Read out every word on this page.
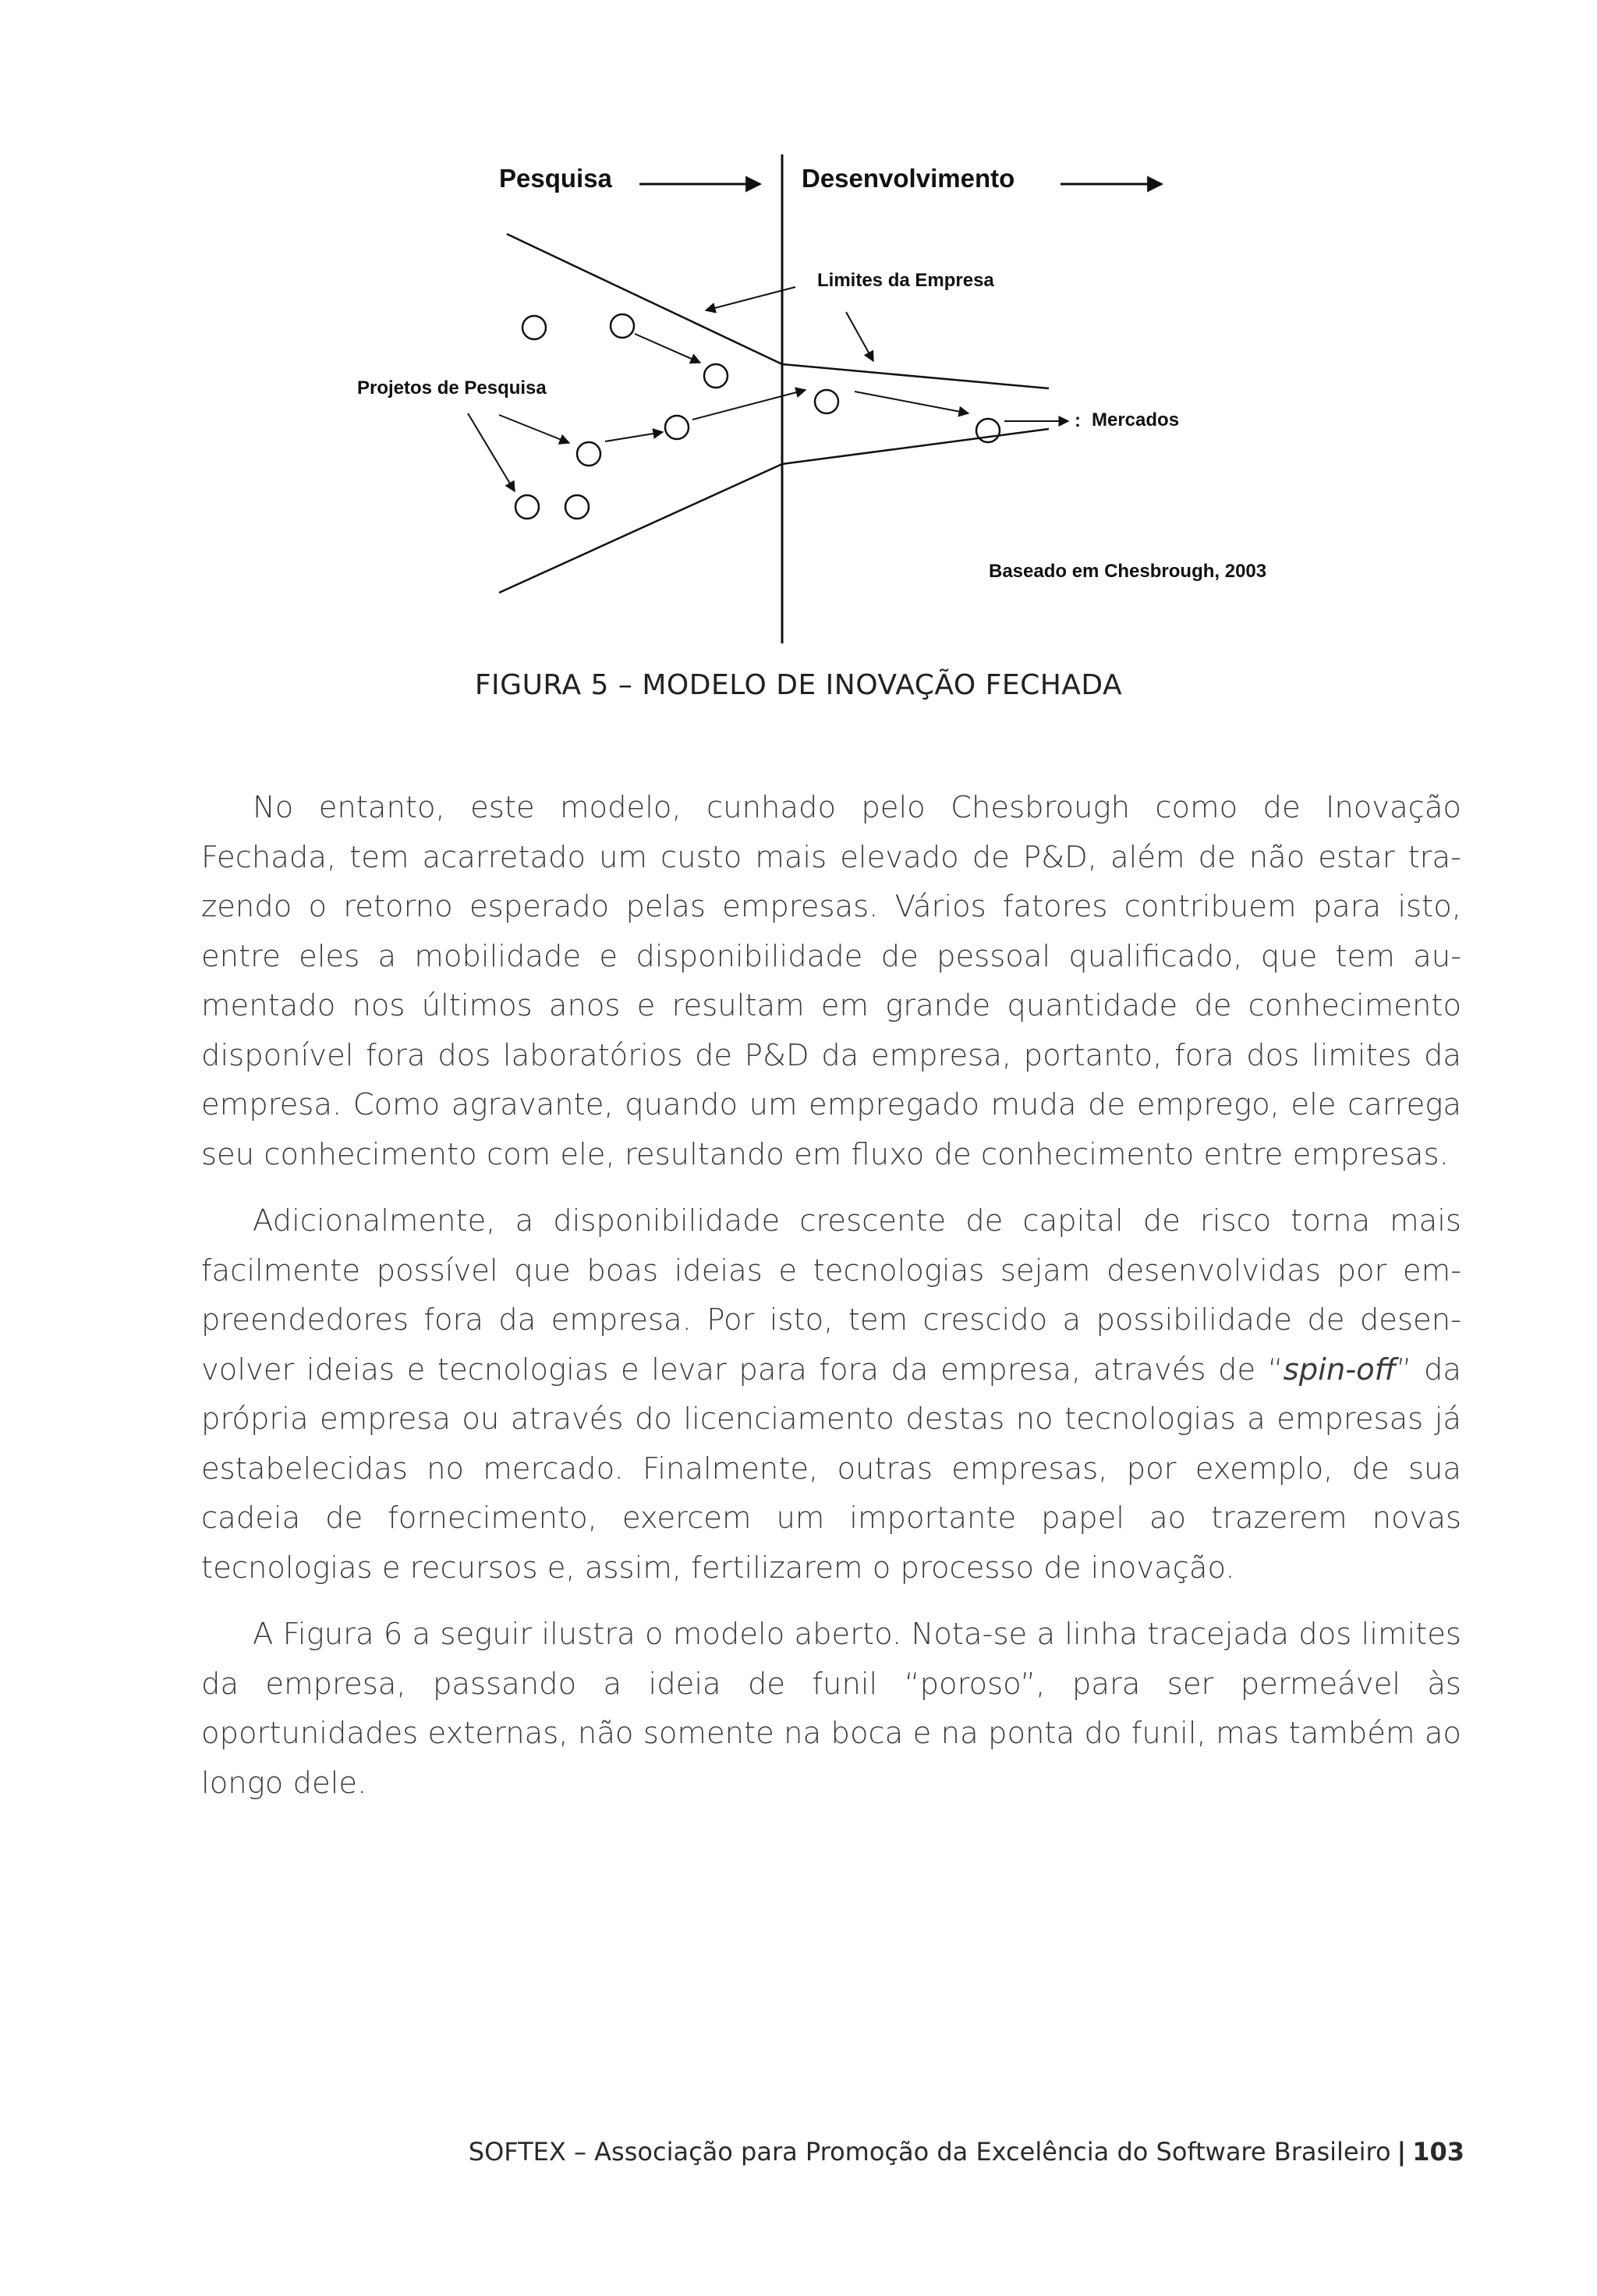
Pesquisa	Desenvolvimento
Limites da Empresa
Projetos de Pesquisa
: Mercados
Baseado em Chesbrough, 2003
FIGURA 5 – MODELO DE INOVAÇÃO FECHADA

No entanto, este modelo, cunhado pelo Chesbrough como de Inovação Fechada, tem acarretado um custo mais elevado de P&D, além de não estar trazendo o retorno esperado pelas empresas. Vários fatores contribuem para isto, entre eles a mobilidade e disponibilidade de pessoal qualificado, que tem aumentado nos últimos anos e resultam em grande quantidade de conhecimento disponível fora dos laboratórios de P&D da empresa, portanto, fora dos limites da empresa. Como agravante, quando um empregado muda de emprego, ele carrega seu conhecimento com ele, resultando em fluxo de conhecimento entre empresas.

Adicionalmente, a disponibilidade crescente de capital de risco torna mais facilmente possível que boas ideias e tecnologias sejam desenvolvidas por empreendedores fora da empresa. Por isto, tem crescido a possibilidade de desenvolver ideias e tecnologias e levar para fora da empresa, através de “spin-off” da própria empresa ou através do licenciamento destas no tecnologias a empresas já estabelecidas no mercado. Finalmente, outras empresas, por exemplo, de sua cadeia de fornecimento, exercem um importante papel ao trazerem novas tecnologias e recursos e, assim, fertilizarem o processo de inovação.

A Figura 6 a seguir ilustra o modelo aberto. Nota-se a linha tracejada dos limites da empresa, passando a ideia de funil “poroso”, para ser permeável às oportunidades externas, não somente na boca e na ponta do funil, mas também ao longo dele.

SOFTEX – Associação para Promoção da Excelência do Software Brasileiro | 103
